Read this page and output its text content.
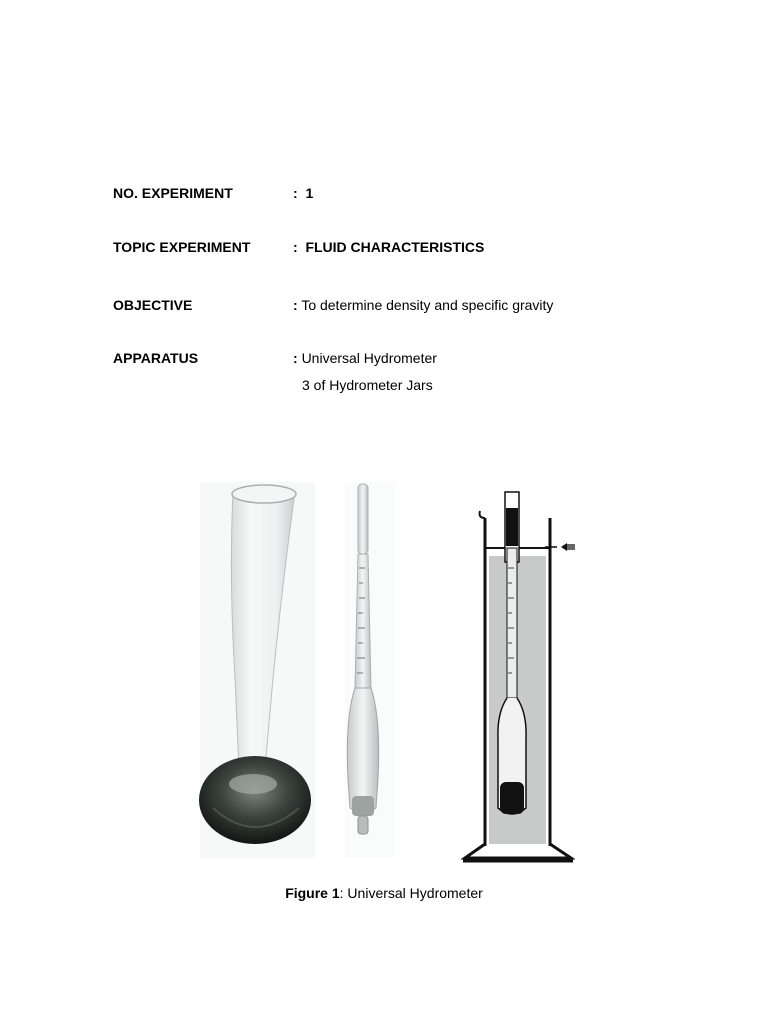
NO. EXPERIMENT	: 1
TOPIC EXPERIMENT	: FLUID CHARACTERISTICS
OBJECTIVE	: To determine density and specific gravity
APPARATUS	: Universal Hydrometer
3 of Hydrometer Jars
Figure 1: Universal Hydrometer
